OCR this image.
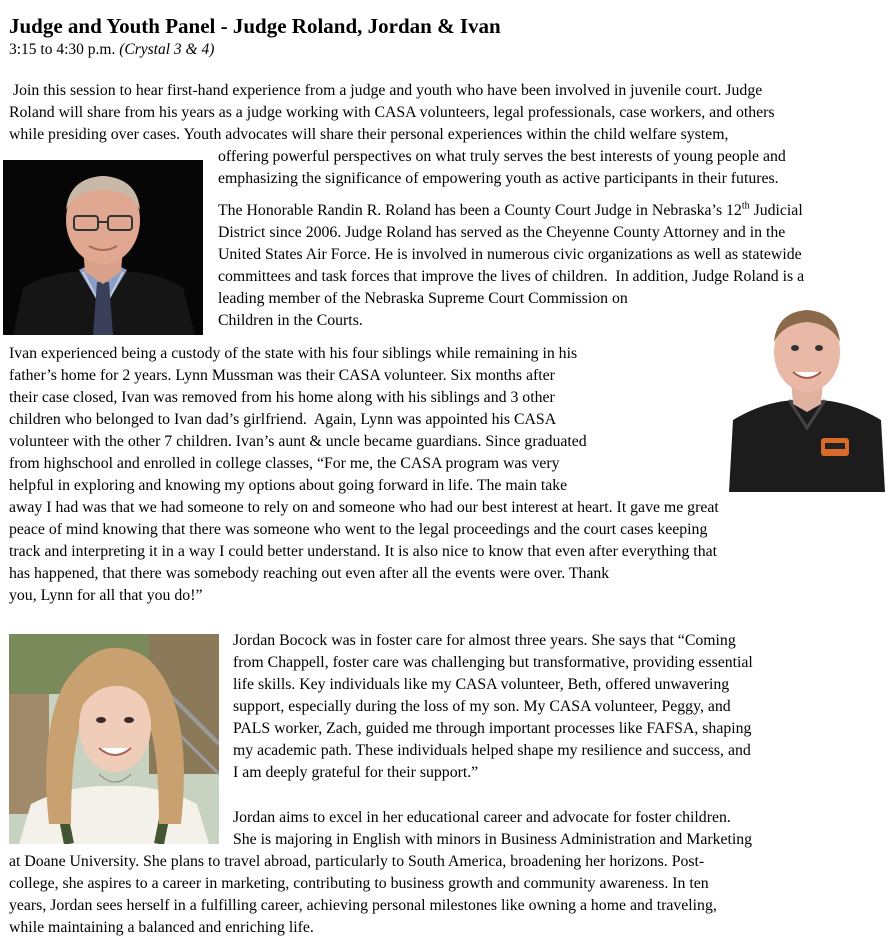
Judge and Youth Panel - Judge Roland, Jordan & Ivan
3:15 to 4:30 p.m. (Crystal 3 & 4)
Join this session to hear first-hand experience from a judge and youth who have been involved in juvenile court. Judge
Roland will share from his years as a judge working with CASA volunteers, legal professionals, case workers, and others
while presiding over cases. Youth advocates will share their personal experiences within the child welfare system,
offering powerful perspectives on what truly serves the best interests of young people and
emphasizing the significance of empowering youth as active participants in their futures.
The Honorable Randin R. Roland has been a County Court Judge in Nebraska’s 12th Judicial
District since 2006. Judge Roland has served as the Cheyenne County Attorney and in the
United States Air Force. He is involved in numerous civic organizations as well as statewide
committees and task forces that improve the lives of children.  In addition, Judge Roland is a
leading member of the Nebraska Supreme Court Commission on
Children in the Courts.
Ivan experienced being a custody of the state with his four siblings while remaining in his
father’s home for 2 years. Lynn Mussman was their CASA volunteer. Six months after
their case closed, Ivan was removed from his home along with his siblings and 3 other
children who belonged to Ivan dad’s girlfriend.  Again, Lynn was appointed his CASA
volunteer with the other 7 children. Ivan’s aunt & uncle became guardians. Since graduated
from highschool and enrolled in college classes, “For me, the CASA program was very
helpful in exploring and knowing my options about going forward in life. The main take
away I had was that we had someone to rely on and someone who had our best interest at heart. It gave me great
peace of mind knowing that there was someone who went to the legal proceedings and the court cases keeping
track and interpreting it in a way I could better understand. It is also nice to know that even after everything that
has happened, that there was somebody reaching out even after all the events were over. Thank
you, Lynn for all that you do!”
Jordan Bocock was in foster care for almost three years. She says that “Coming
from Chappell, foster care was challenging but transformative, providing essential
life skills. Key individuals like my CASA volunteer, Beth, offered unwavering
support, especially during the loss of my son. My CASA volunteer, Peggy, and
PALS worker, Zach, guided me through important processes like FAFSA, shaping
my academic path. These individuals helped shape my resilience and success, and
I am deeply grateful for their support.”
Jordan aims to excel in her educational career and advocate for foster children.
She is majoring in English with minors in Business Administration and Marketing
at Doane University. She plans to travel abroad, particularly to South America, broadening her horizons. Post-
college, she aspires to a career in marketing, contributing to business growth and community awareness. In ten
years, Jordan sees herself in a fulfilling career, achieving personal milestones like owning a home and traveling,
while maintaining a balanced and enriching life.
